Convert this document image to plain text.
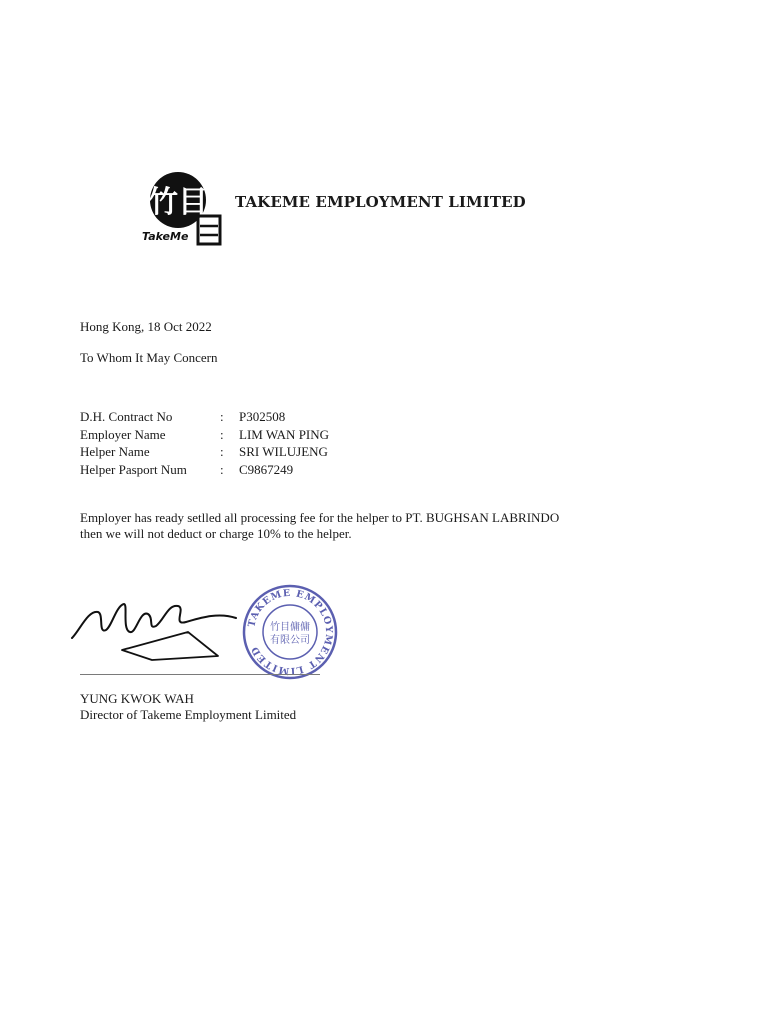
竹目
TakeMe
TAKEME EMPLOYMENT LIMITED
Hong Kong, 18 Oct 2022
To Whom It May Concern
D.H. Contract No	:	P302508
Employer Name	:	LIM WAN PING
Helper Name	:	SRI WILUJENG
Helper Pasport Num	:	C9867249
Employer has ready setlled all processing fee for the helper to PT. BUGHSAN LABRINDO
then we will not deduct or charge 10% to the helper.
TAKEME EMPLOYMENT LIMITED
竹目傭傭
有限公司
YUNG KWOK WAH
Director of Takeme Employment Limited
